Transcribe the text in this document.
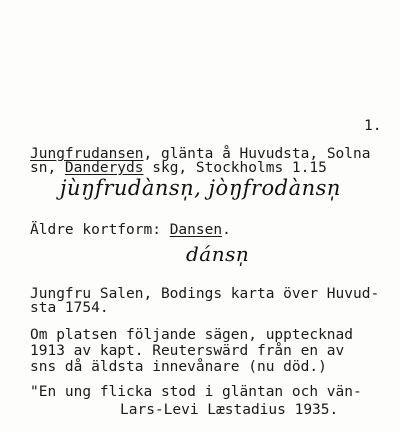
1.
Jungfrudansen, glänta å Huvudsta, Solna
sn, Danderyds skg, Stockholms 1.15
jùŋfrudànsn̩, jòŋfrodànsn̩
Äldre kortform: Dansen.
dánsn̩
Jungfru Salen, Bodings karta över Huvud-
sta 1754.
Om platsen följande sägen, upptecknad
1913 av kapt. Reuterswärd från en av
sns då äldsta innevånare (nu död.)
"En ung flicka stod i gläntan och vän-
Lars-Levi Læstadius 1935.
